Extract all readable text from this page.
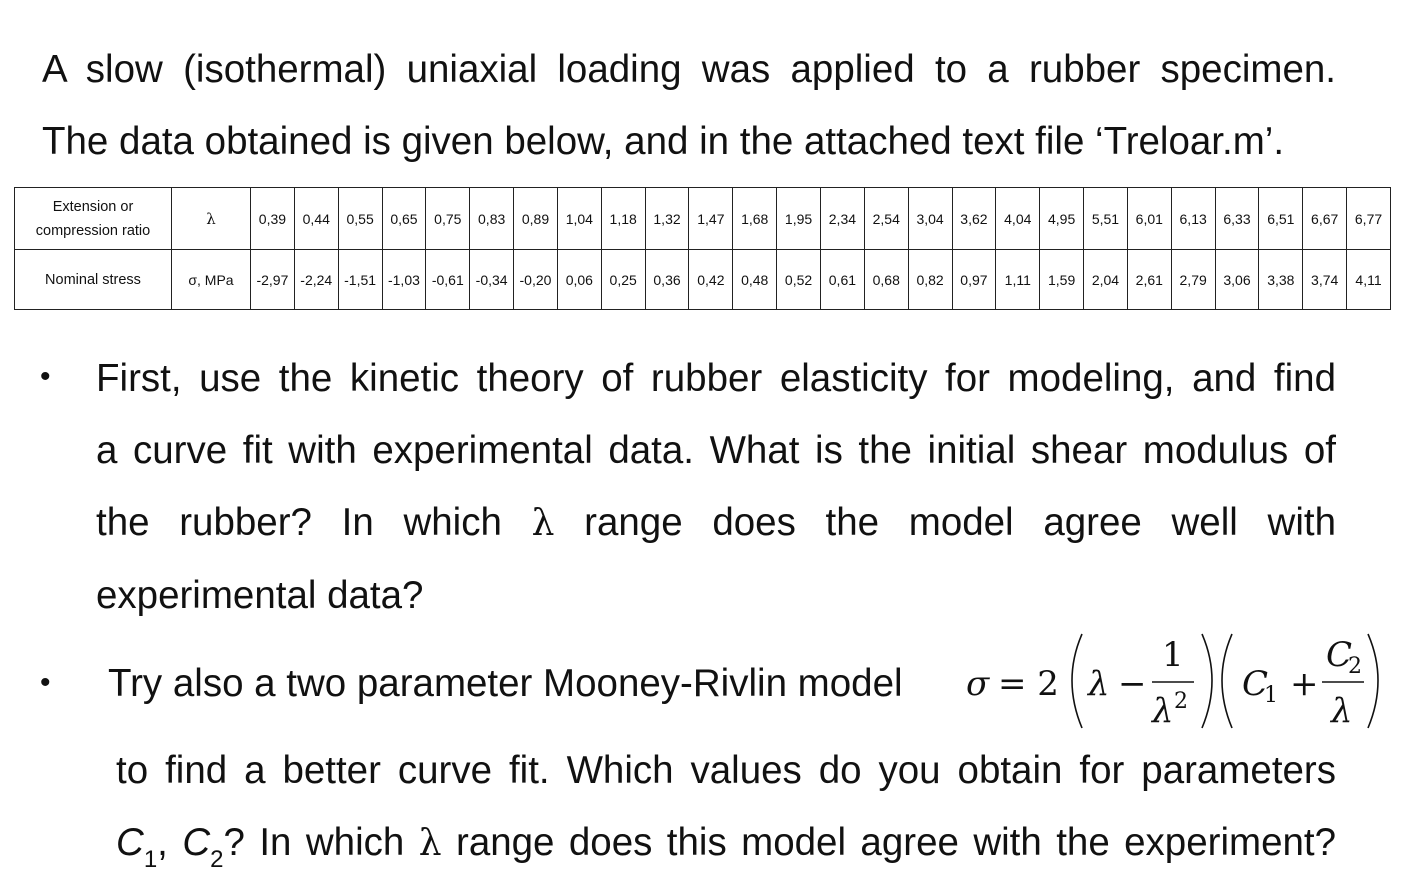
A slow (isothermal) uniaxial loading was applied to a rubber specimen.
The data obtained is given below, and in the attached text file ‘Treloar.m’.
Extension or
compression ratio	λ	0,39	0,44	0,55	0,65	0,75	0,83	0,89	1,04	1,18	1,32	1,47	1,68	1,95	2,34	2,54	3,04	3,62	4,04	4,95	5,51	6,01	6,13	6,33	6,51	6,67	6,77
Nominal stress	σ, MPa	-2,97	-2,24	-1,51	-1,03	-0,61	-0,34	-0,20	0,06	0,25	0,36	0,42	0,48	0,52	0,61	0,68	0,82	0,97	1,11	1,59	2,04	2,61	2,79	3,06	3,38	3,74	4,11
• First, use the kinetic theory of rubber elasticity for modeling, and find
a curve fit with experimental data. What is the initial shear modulus of
the rubber? In which λ range does the model agree well with
experimental data?
• Try also a two parameter Mooney-Rivlin model σ = 2 λ −
1
λ 2 C
1 +
C
2
λ
to find a better curve fit. Which values do you obtain for parameters
$C_1$, $C_2$? In which λ range does this model agree with the experiment?
